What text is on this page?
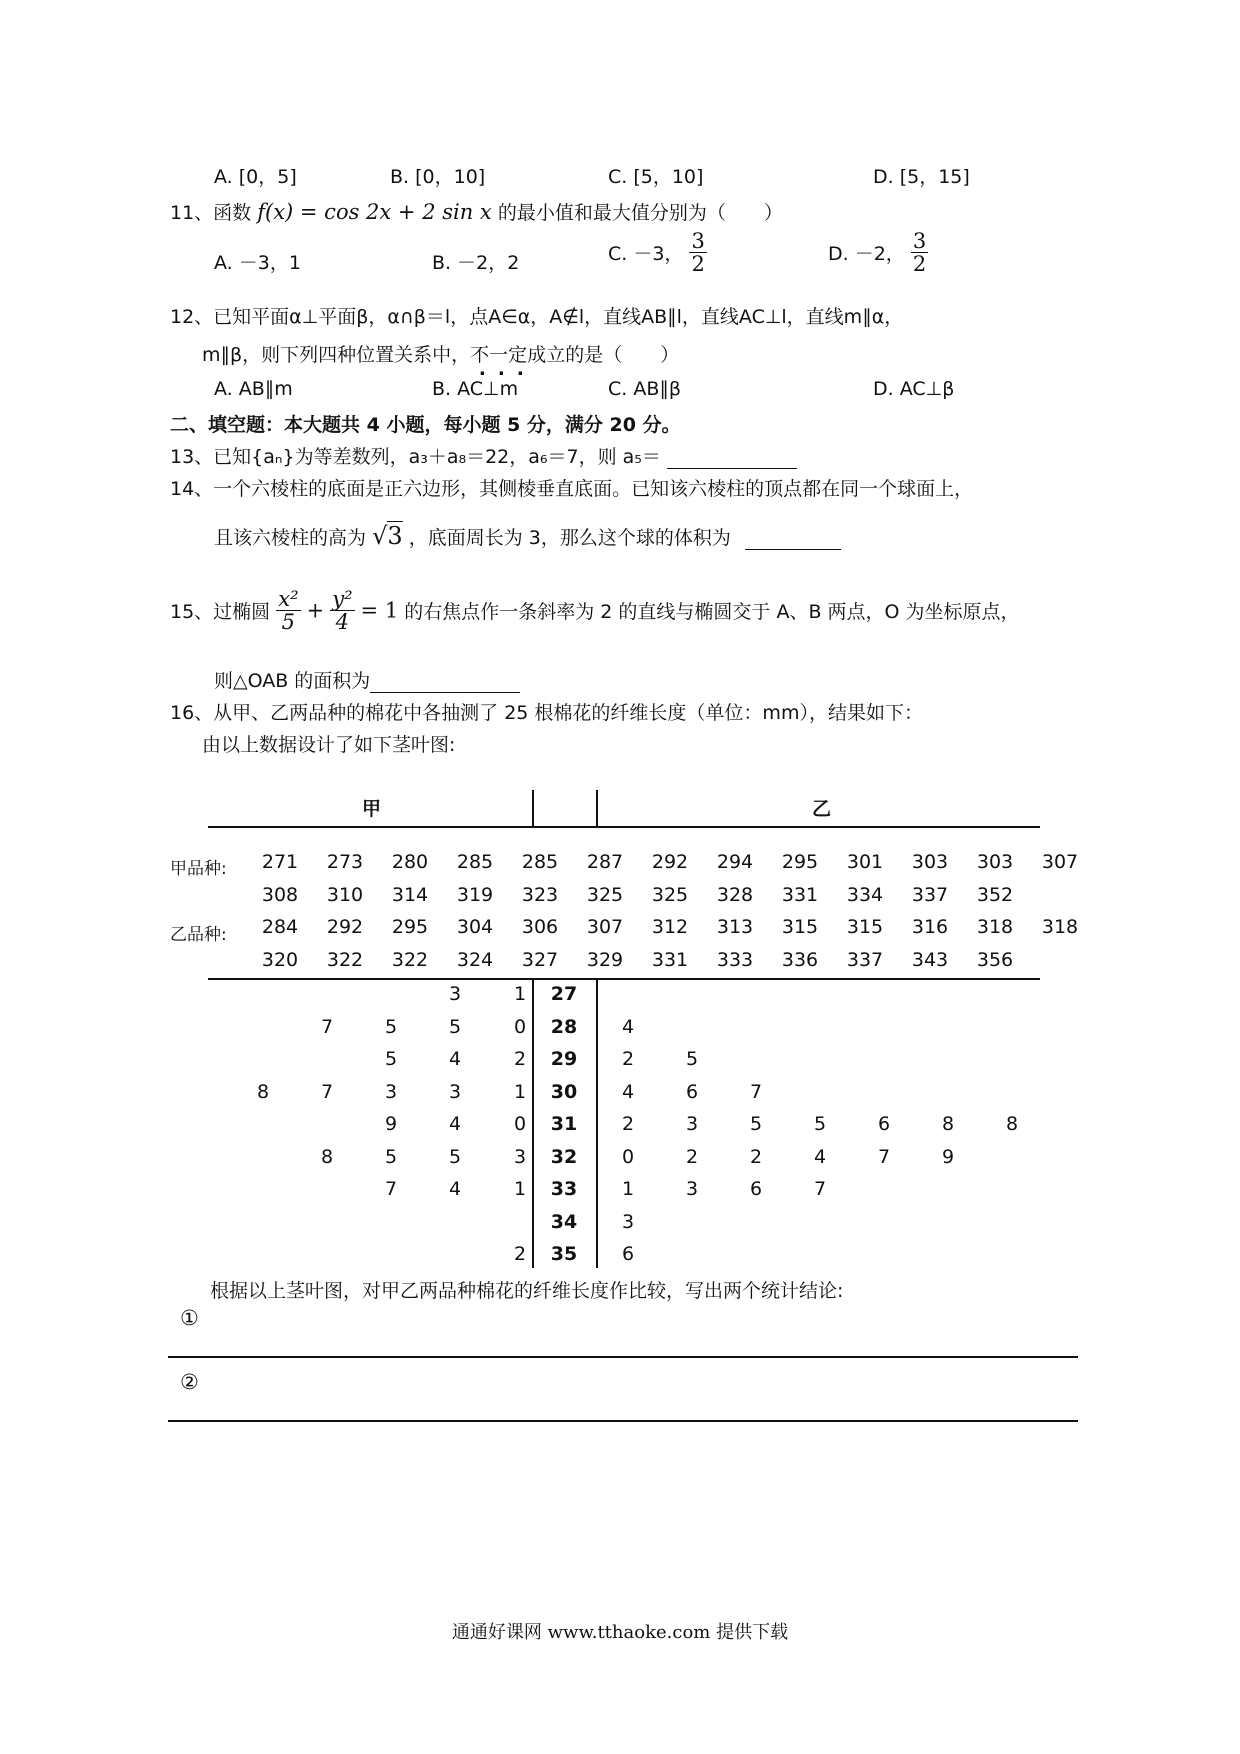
A. [0，5]	B. [0，10]	C. [5，10]	D. [5，15]
11、函数 f(x) = cos 2x + 2 sin x 的最小值和最大值分别为（　　）
A. －3，1	B. －2，2	C. －3， $\frac{3}{2}$	D. －2， $\frac{3}{2}$
12、已知平面α⊥平面β，α∩β＝l，点A∈α，A∉l，直线AB∥l，直线AC⊥l，直线m∥α，
m∥β，则下列四种位置关系中，不一定成立的是（　　）
A. AB∥m	B. AC⊥m	C. AB∥β	D. AC⊥β
二、填空题：本大题共 4 小题，每小题 5 分，满分 20 分。
13、已知{aₙ}为等差数列，a₃＋a₈＝22，a₆＝7，则 a₅＝
14、一个六棱柱的底面是正六边形，其侧棱垂直底面。已知该六棱柱的顶点都在同一个球面上，
且该六棱柱的高为 √3 ，底面周长为 3，那么这个球的体积为
15、过椭圆 $\frac{\text{x²}}{5} + \frac{\text{y²}}{4} = 1$ 的右焦点作一条斜率为 2 的直线与椭圆交于 A、B 两点，O 为坐标原点，
则△OAB 的面积为
16、从甲、乙两品种的棉花中各抽测了 25 根棉花的纤维长度（单位：mm），结果如下：
由以上数据设计了如下茎叶图:
甲	乙
甲品种:
乙品种:
271	273	280	285	285	287	292	294	295	301	303	303	307
308	310	314	319	323	325	325	328	331	334	337	352
284	292	295	304	306	307	312	313	315	315	316	318	318
320	322	322	324	327	329	331	333	336	337	343	356
3	1	27
7	5	5	0	28	4
5	4	2	29	2	5
8	7	3	3	1	30	4	6	7
9	4	0	31	2	3	5	5	6	8	8
8	5	5	3	32	0	2	2	4	7	9
7	4	1	33	1	3	6	7
34	3
2	35	6
根据以上茎叶图，对甲乙两品种棉花的纤维长度作比较，写出两个统计结论:
①
②
通通好课网 www.tthaoke.com 提供下载
